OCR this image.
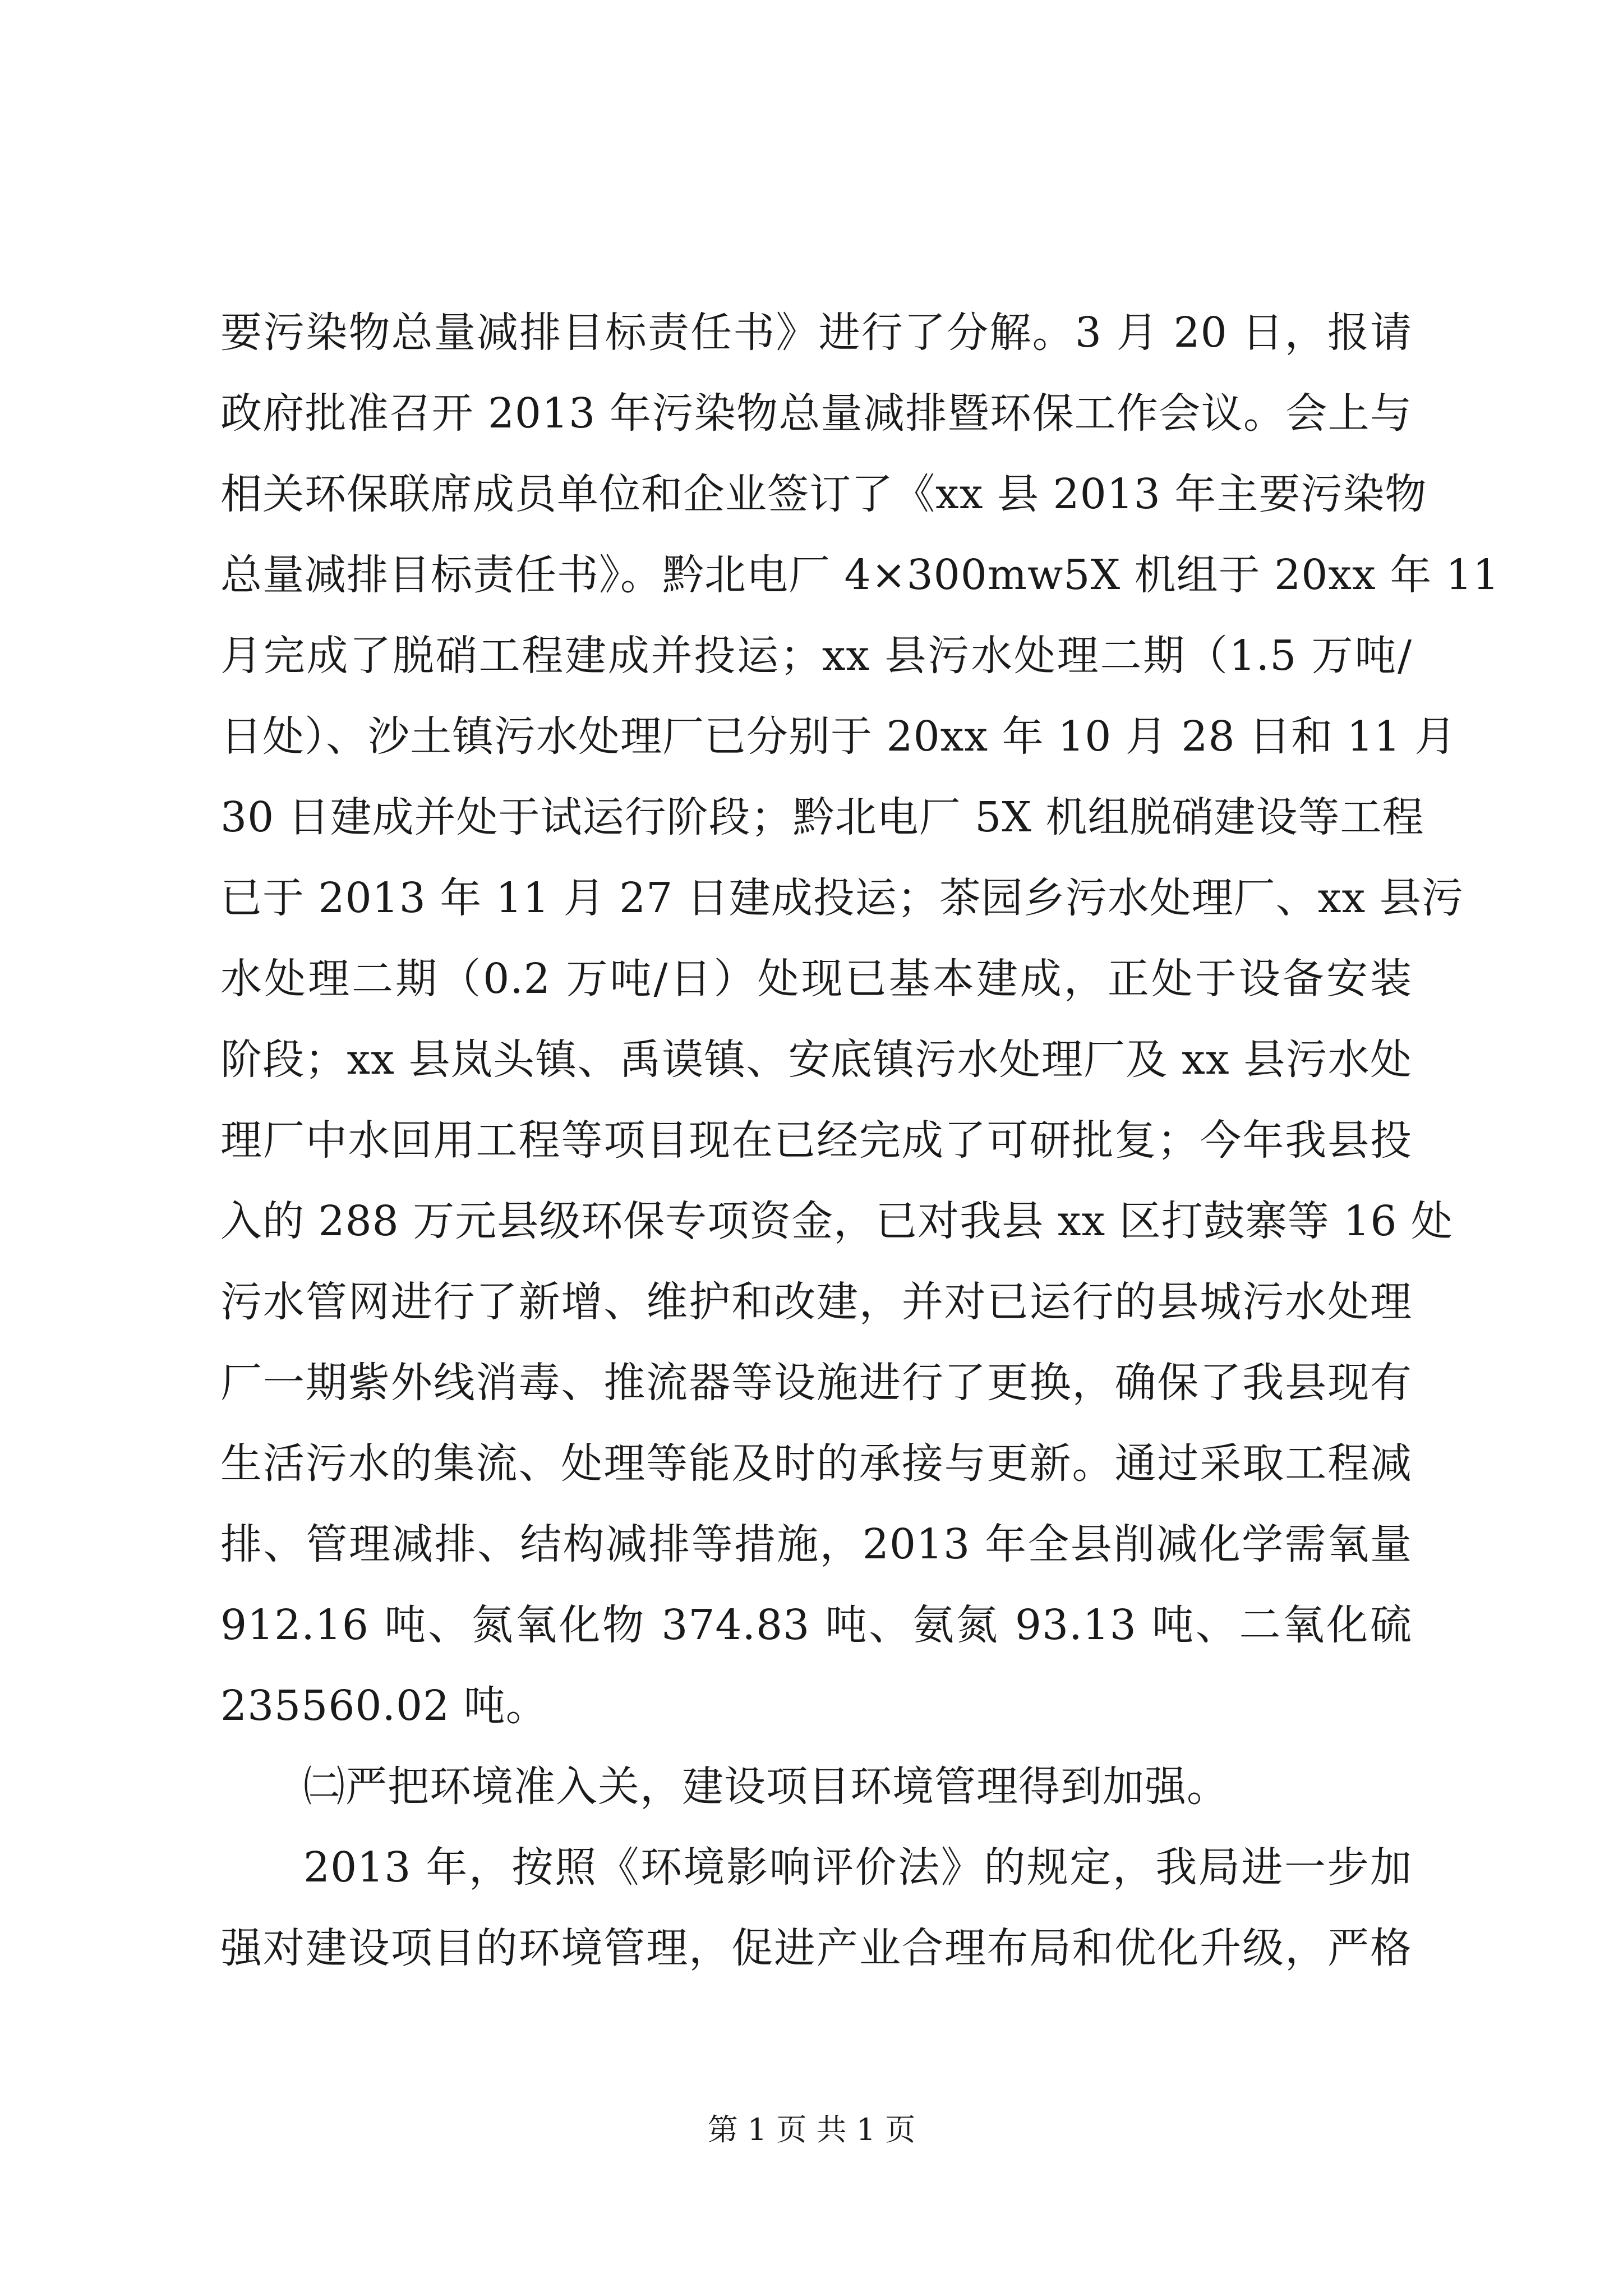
要污染物总量减排目标责任书》进行了分解。3 月 20 日，报请
政府批准召开 2013 年污染物总量减排暨环保工作会议。会上与
相关环保联席成员单位和企业签订了《xx 县 2013 年主要污染物
总量减排目标责任书》。黔北电厂 4×300mw5X 机组于 20xx 年 11
月完成了脱硝工程建成并投运；xx 县污水处理二期（1.5 万吨/
日处）、沙土镇污水处理厂已分别于 20xx 年 10 月 28 日和 11 月
30 日建成并处于试运行阶段；黔北电厂 5X 机组脱硝建设等工程
已于 2013 年 11 月 27 日建成投运；茶园乡污水处理厂、xx 县污
水处理二期（0.2 万吨/日）处现已基本建成，正处于设备安装
阶段；xx 县岚头镇、禹谟镇、安底镇污水处理厂及 xx 县污水处
理厂中水回用工程等项目现在已经完成了可研批复；今年我县投
入的 288 万元县级环保专项资金，已对我县 xx 区打鼓寨等 16 处
污水管网进行了新增、维护和改建，并对已运行的县城污水处理
厂一期紫外线消毒、推流器等设施进行了更换，确保了我县现有
生活污水的集流、处理等能及时的承接与更新。通过采取工程减
排、管理减排、结构减排等措施，2013 年全县削减化学需氧量
912.16 吨、氮氧化物 374.83 吨、氨氮 93.13 吨、二氧化硫
235560.02 吨。
㈡严把环境准入关，建设项目环境管理得到加强。
2013 年，按照《环境影响评价法》的规定，我局进一步加
强对建设项目的环境管理，促进产业合理布局和优化升级，严格
第 1 页 共 1 页
